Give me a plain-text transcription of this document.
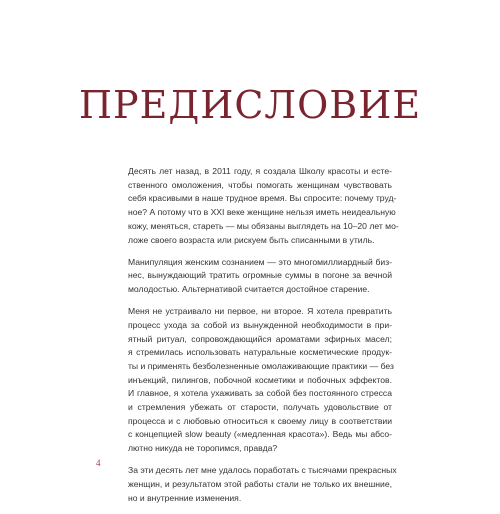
ПРЕДИСЛОВИЕ

Десять лет назад, в 2011 году, я создала Школу красоты и есте-
ственного омоложения, чтобы помогать женщинам чувствовать
себя красивыми в наше трудное время. Вы спросите: почему труд-
ное? А потому что в XXI веке женщине нельзя иметь неидеальную
кожу, меняться, стареть — мы обязаны выглядеть на 10–20 лет мо-
ложе своего возраста или рискуем быть списанными в утиль.

Манипуляция женским сознанием — это многомиллиардный биз-
нес, вынуждающий тратить огромные суммы в погоне за вечной
молодостью. Альтернативой считается достойное старение.

Меня не устраивало ни первое, ни второе. Я хотела превратить
процесс ухода за собой из вынужденной необходимости в при-
ятный ритуал, сопровождающийся ароматами эфирных масел;
я стремилась использовать натуральные косметические продук-
ты и применять безболезненные омолаживающие практики — без
инъекций, пилингов, побочной косметики и побочных эффектов.
И главное, я хотела ухаживать за собой без постоянного стресса
и стремления убежать от старости, получать удовольствие от
процесса и с любовью относиться к своему лицу в соответствии
с концепцией slow beauty («медленная красота»). Ведь мы абсо-
лютно никуда не торопимся, правда?

За эти десять лет мне удалось поработать с тысячами прекрасных
женщин, и результатом этой работы стали не только их внешние,
но и внутренние изменения.

4
